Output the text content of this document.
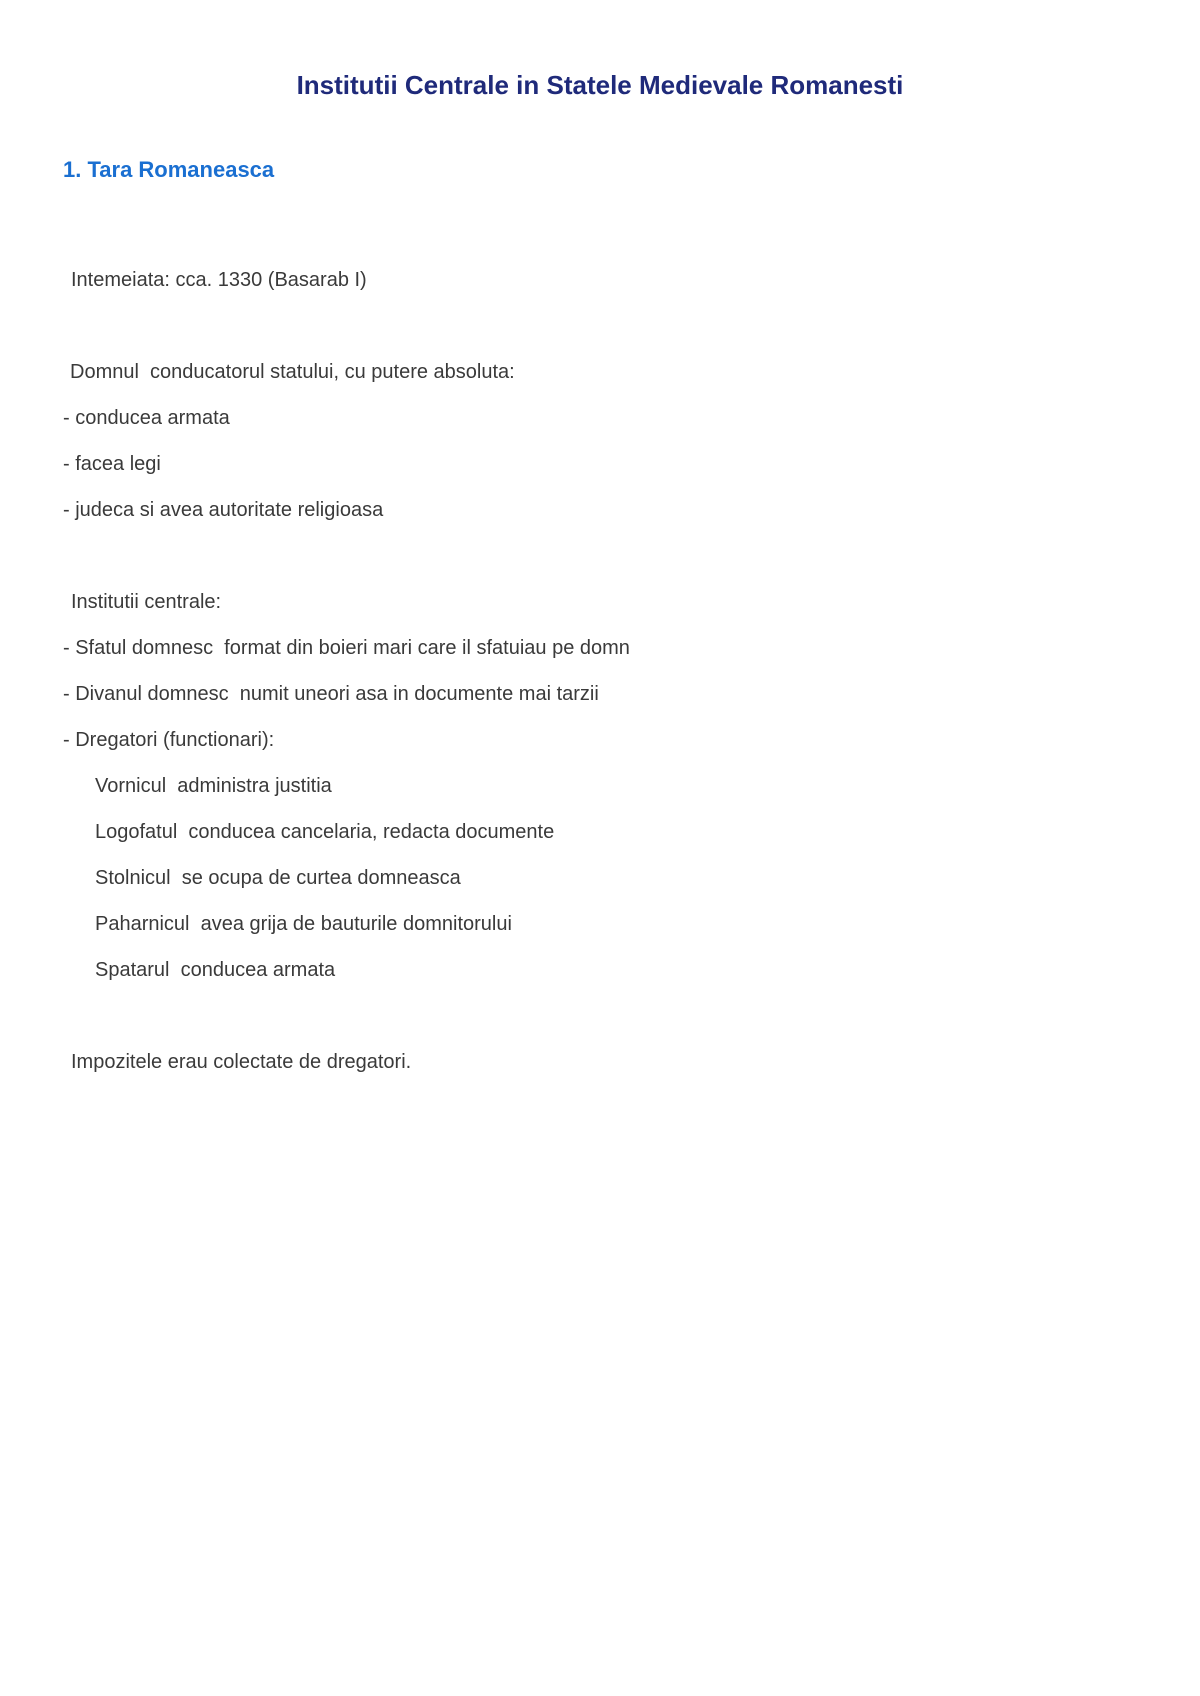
Institutii Centrale in Statele Medievale Romanesti
1. Tara Romaneasca

Intemeiata: cca. 1330 (Basarab I)

Domnul  conducatorul statului, cu putere absoluta:

- conducea armata

- facea legi

- judeca si avea autoritate religioasa

Institutii centrale:

- Sfatul domnesc  format din boieri mari care il sfatuiau pe domn

- Divanul domnesc  numit uneori asa in documente mai tarzii

- Dregatori (functionari):

Vornicul  administra justitia

Logofatul  conducea cancelaria, redacta documente

Stolnicul  se ocupa de curtea domneasca

Paharnicul  avea grija de bauturile domnitorului

Spatarul  conducea armata

Impozitele erau colectate de dregatori.
